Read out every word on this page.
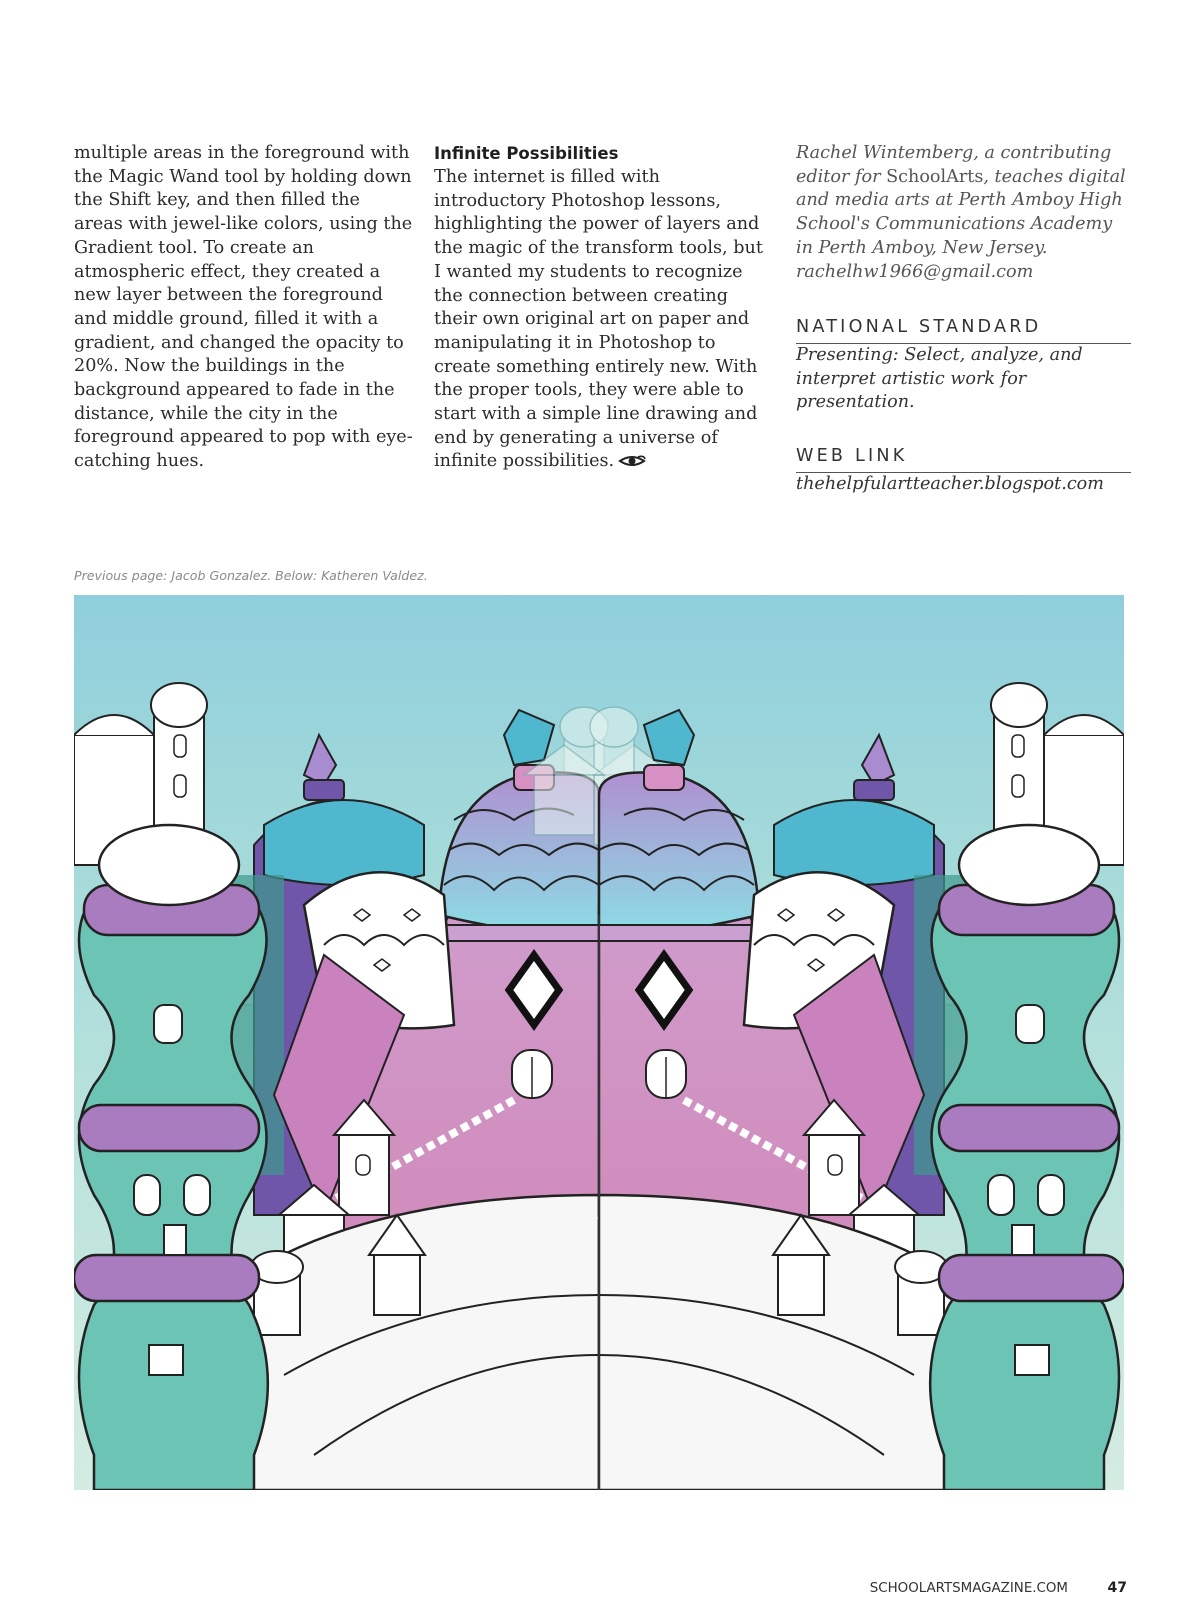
multiple areas in the foreground with the Magic Wand tool by holding down the Shift key, and then filled the areas with jewel-like colors, using the Gradient tool. To create an atmospheric effect, they created a new layer between the foreground and middle ground, filled it with a gradient, and changed the opacity to 20%. Now the buildings in the background appeared to fade in the distance, while the city in the foreground appeared to pop with eye-catching hues.

Infinite Possibilities

The internet is filled with introductory Photoshop lessons, highlighting the power of layers and the magic of the transform tools, but I wanted my students to recognize the connection between creating their own original art on paper and manipulating it in Photoshop to create something entirely new. With the proper tools, they were able to start with a simple line drawing and end by generating a universe of infinite possibilities.

Rachel Wintemberg, a contributing editor for SchoolArts, teaches digital and media arts at Perth Amboy High School's Communications Academy in Perth Amboy, New Jersey. rachelhw1966@gmail.com

NATIONAL STANDARD

Presenting: Select, analyze, and interpret artistic work for presentation.

WEB LINK

thehelpfulartteacher.blogspot.com

Previous page: Jacob Gonzalez. Below: Katheren Valdez.

SCHOOLARTSMAGAZINE.COM	47
